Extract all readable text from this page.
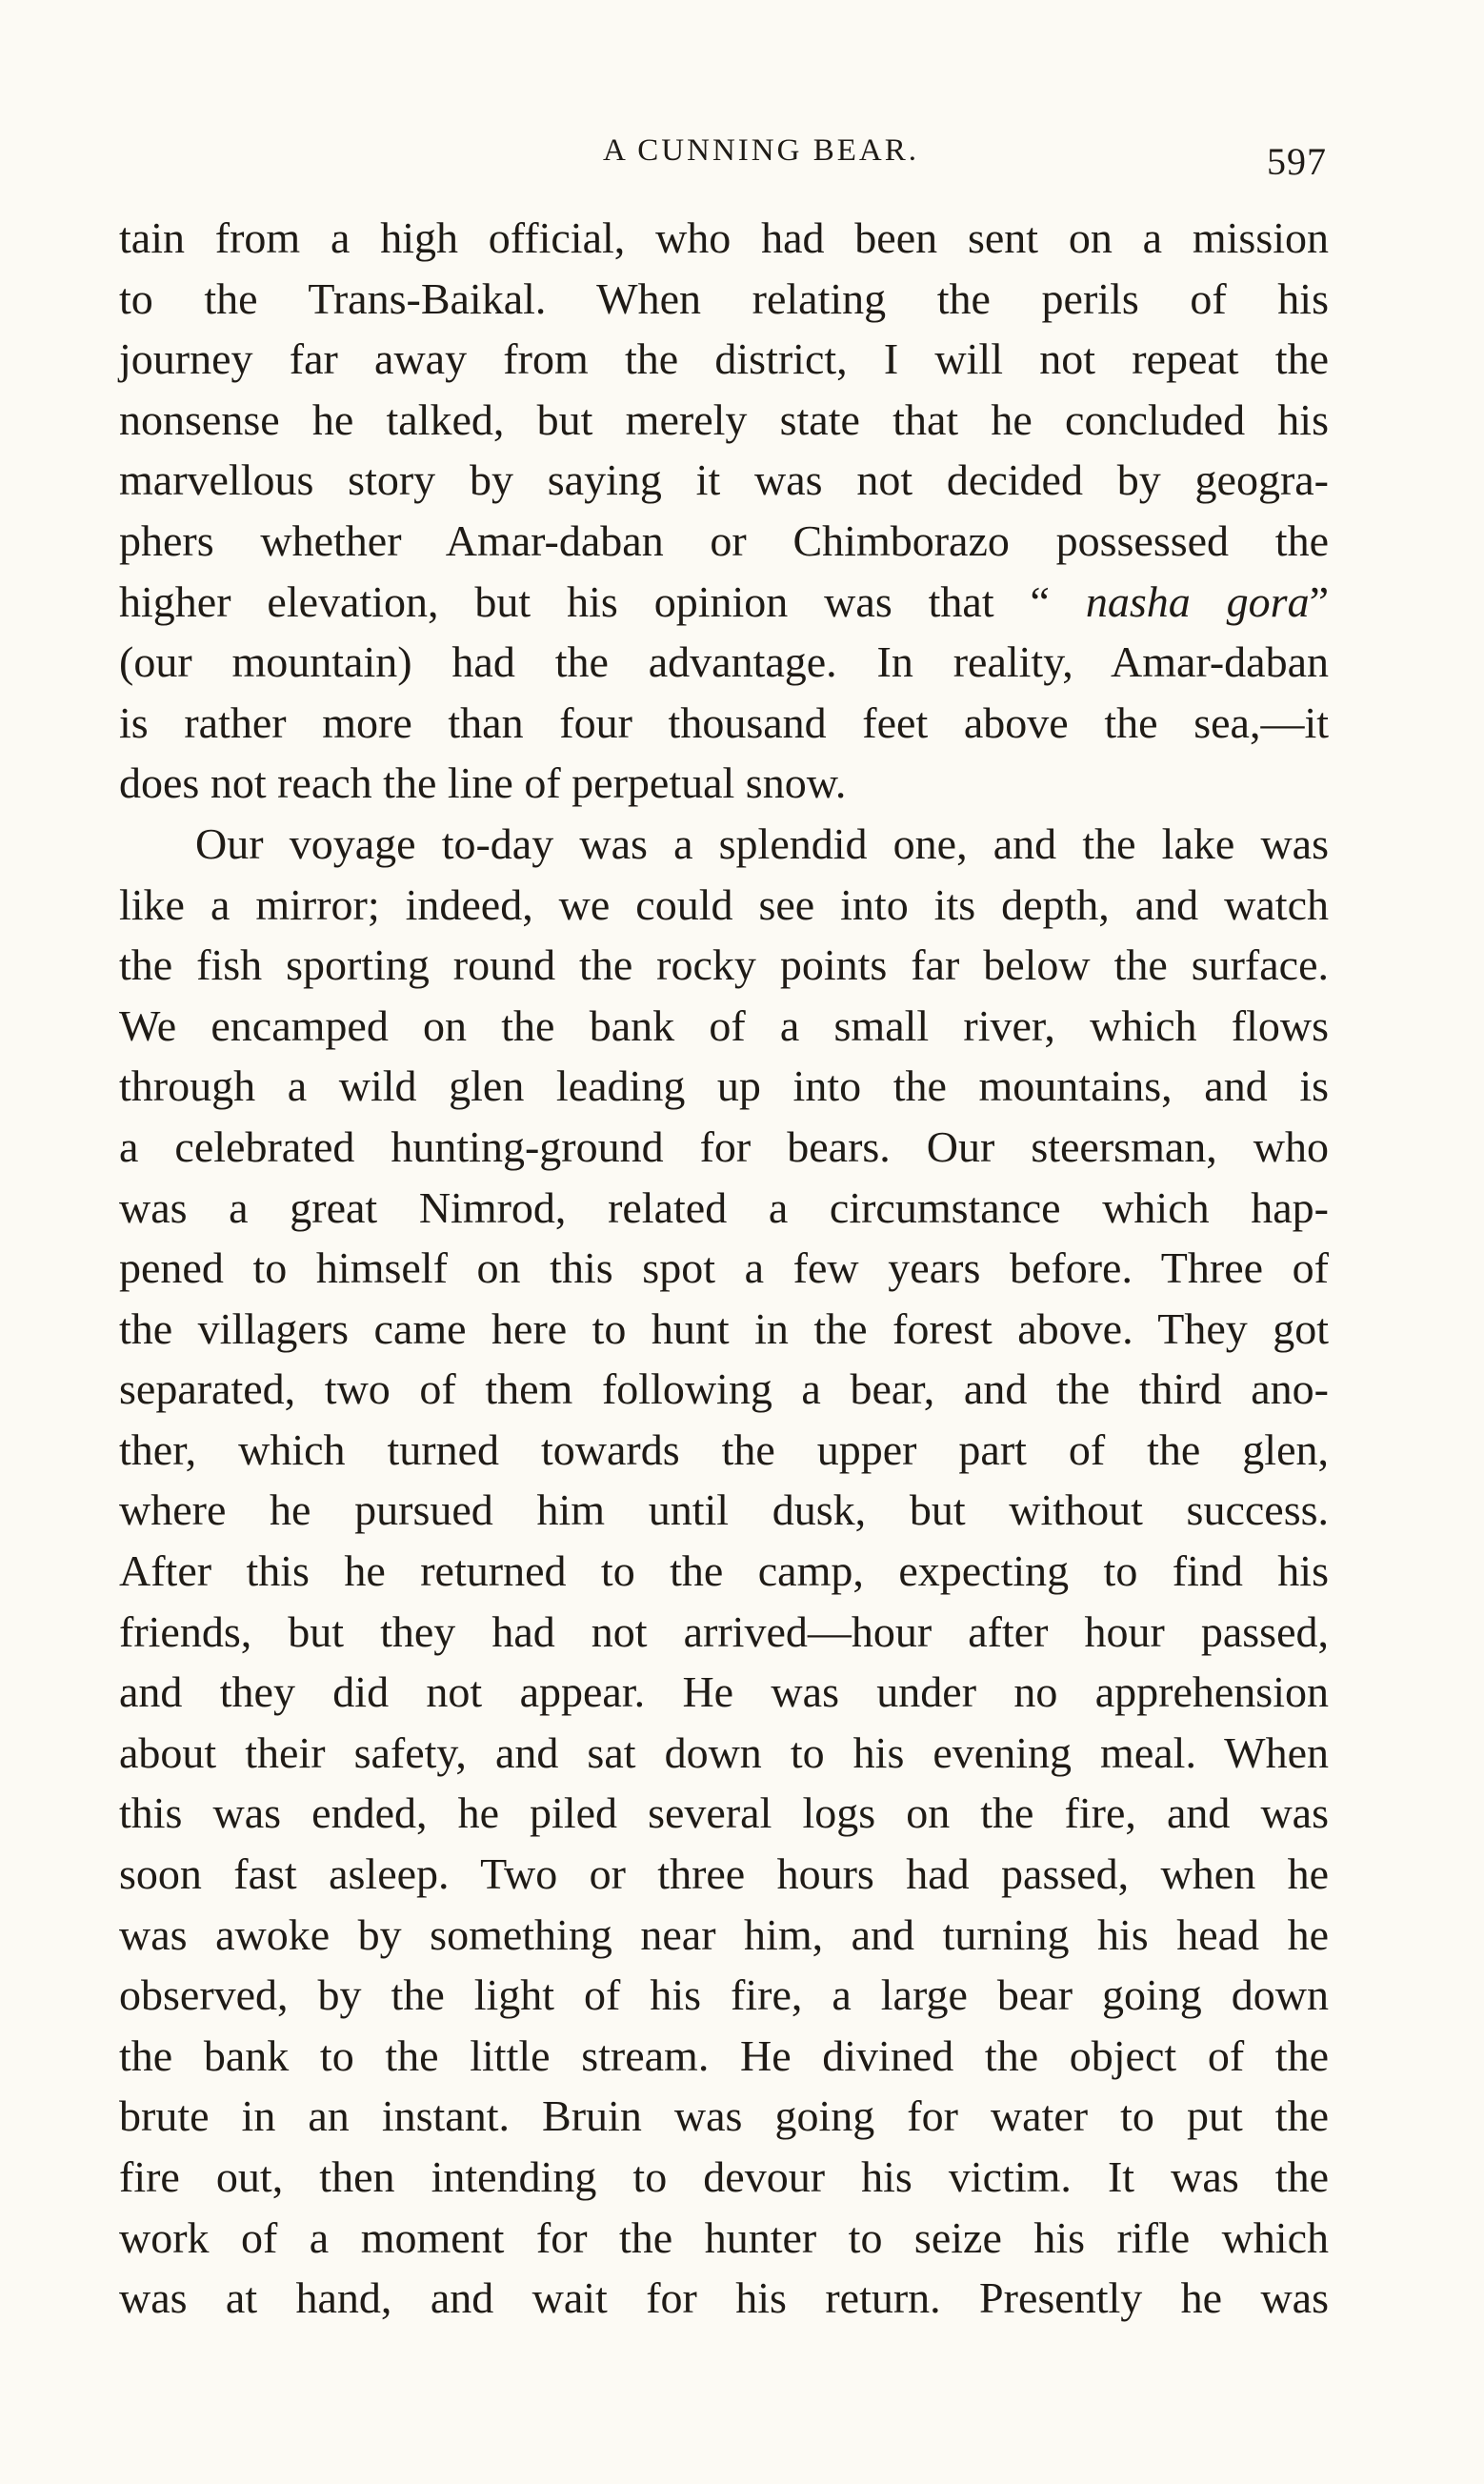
A CUNNING BEAR.	597
tain from a high official, who had been sent on a mission
to the Trans-Baikal. When relating the perils of his
journey far away from the district, I will not repeat the
nonsense he talked, but merely state that he concluded his
marvellous story by saying it was not decided by geogra-
phers whether Amar-daban or Chimborazo possessed the
higher elevation, but his opinion was that “ nasha gora”
(our mountain) had the advantage. In reality, Amar-daban
is rather more than four thousand feet above the sea,—it
does not reach the line of perpetual snow.
Our voyage to-day was a splendid one, and the lake was
like a mirror; indeed, we could see into its depth, and watch
the fish sporting round the rocky points far below the surface.
We encamped on the bank of a small river, which flows
through a wild glen leading up into the mountains, and is
a celebrated hunting-ground for bears. Our steersman, who
was a great Nimrod, related a circumstance which hap-
pened to himself on this spot a few years before. Three of
the villagers came here to hunt in the forest above. They got
separated, two of them following a bear, and the third ano-
ther, which turned towards the upper part of the glen,
where he pursued him until dusk, but without success.
After this he returned to the camp, expecting to find his
friends, but they had not arrived—hour after hour passed,
and they did not appear. He was under no apprehension
about their safety, and sat down to his evening meal. When
this was ended, he piled several logs on the fire, and was
soon fast asleep. Two or three hours had passed, when he
was awoke by something near him, and turning his head he
observed, by the light of his fire, a large bear going down
the bank to the little stream. He divined the object of the
brute in an instant. Bruin was going for water to put the
fire out, then intending to devour his victim. It was the
work of a moment for the hunter to seize his rifle which
was at hand, and wait for his return. Presently he was
